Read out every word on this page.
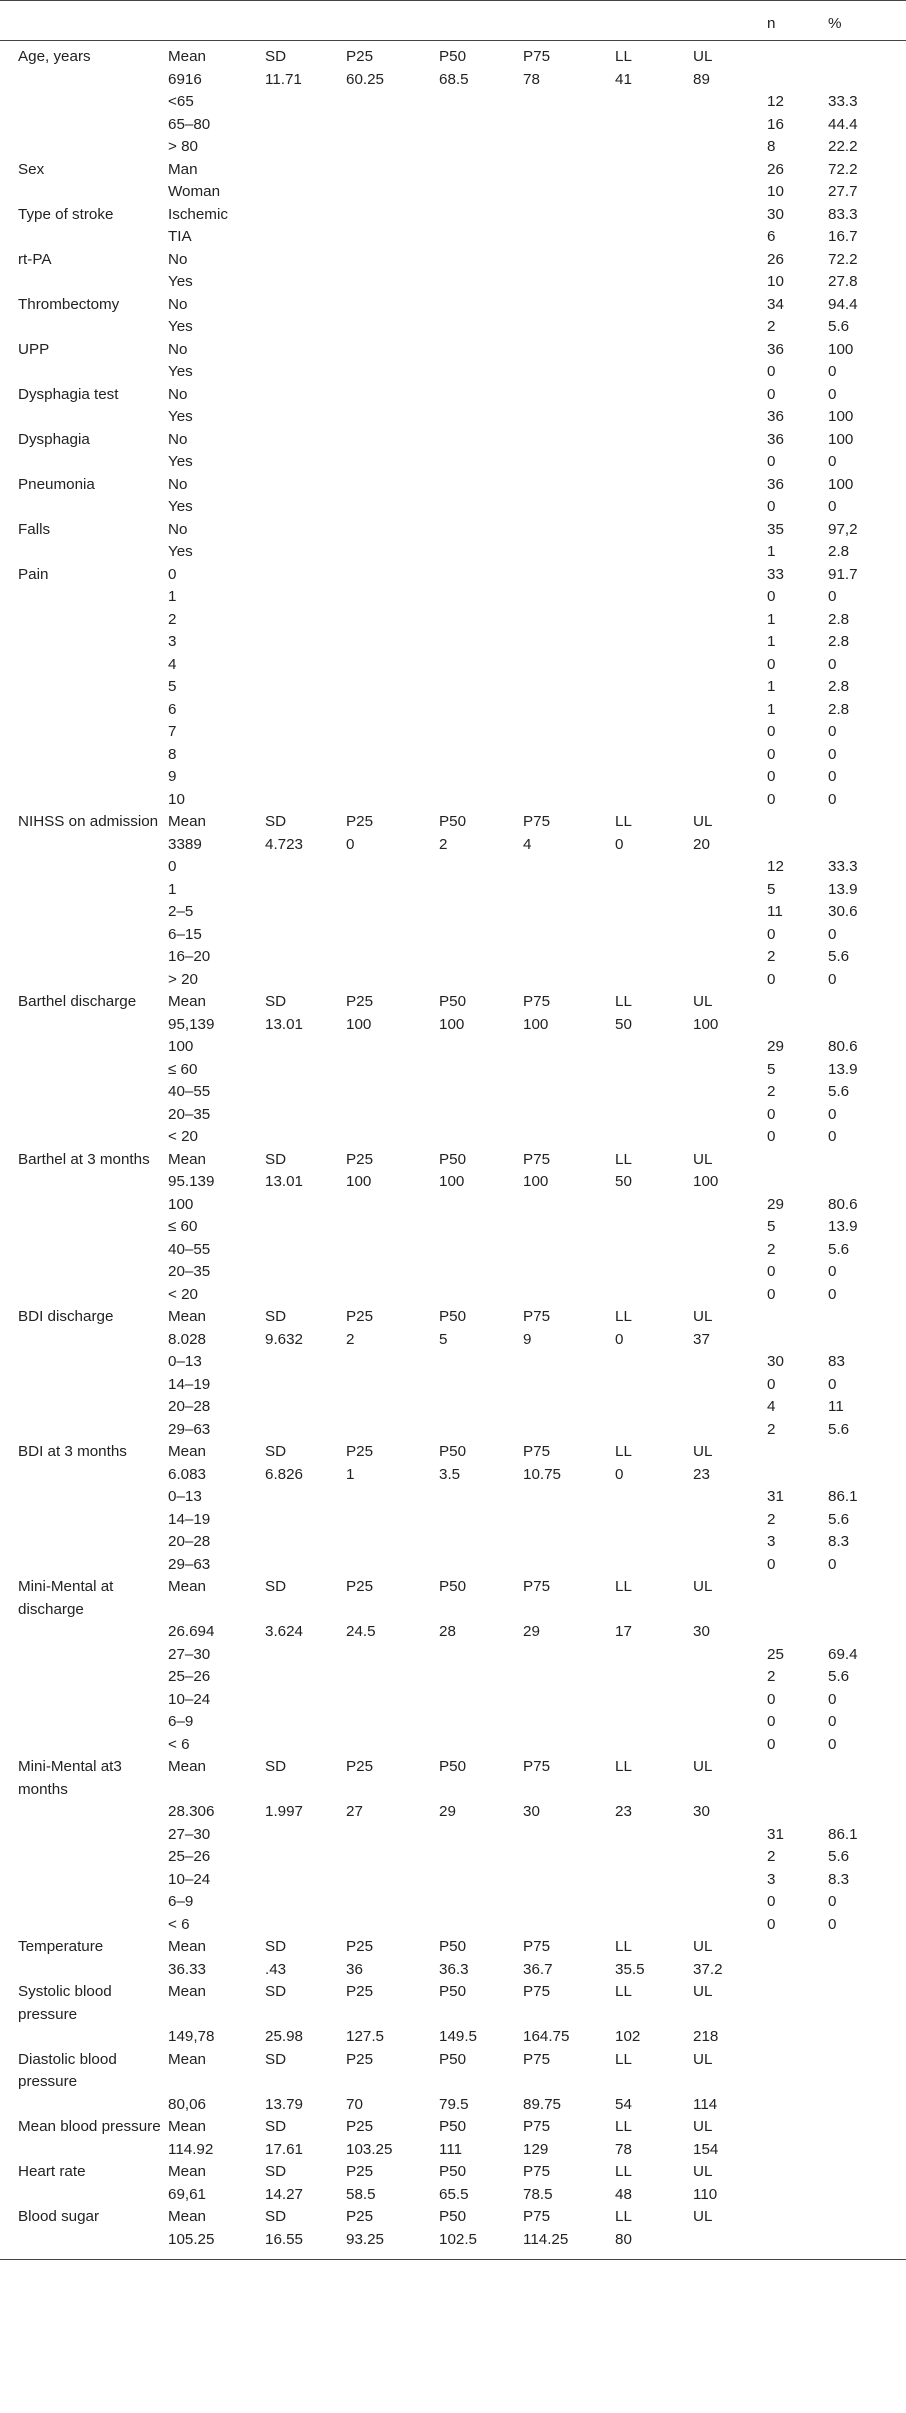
								n	%
Age, years	Mean	SD	P25	P50	P75	LL	UL		
	6916	11.71	60.25	68.5	78	41	89		
	<65							12	33.3
	65–80							16	44.4
	> 80							8	22.2
Sex	Man							26	72.2
	Woman							10	27.7
Type of stroke	Ischemic							30	83.3
	TIA							6	16.7
rt-PA	No							26	72.2
	Yes							10	27.8
Thrombectomy	No							34	94.4
	Yes							2	5.6
UPP	No							36	100
	Yes							0	0
Dysphagia test	No							0	0
	Yes							36	100
Dysphagia	No							36	100
	Yes							0	0
Pneumonia	No							36	100
	Yes							0	0
Falls	No							35	97,2
	Yes							1	2.8
Pain	0							33	91.7
	1							0	0
	2							1	2.8
	3							1	2.8
	4							0	0
	5							1	2.8
	6							1	2.8
	7							0	0
	8							0	0
	9							0	0
	10							0	0
NIHSS on admission	Mean	SD	P25	P50	P75	LL	UL		
	3389	4.723	0	2	4	0	20		
	0							12	33.3
	1							5	13.9
	2–5							11	30.6
	6–15							0	0
	16–20							2	5.6
	> 20							0	0
Barthel discharge	Mean	SD	P25	P50	P75	LL	UL		
	95,139	13.01	100	100	100	50	100		
	100							29	80.6
	≤ 60							5	13.9
	40–55							2	5.6
	20–35							0	0
	< 20							0	0
Barthel at 3 months	Mean	SD	P25	P50	P75	LL	UL		
	95.139	13.01	100	100	100	50	100		
	100							29	80.6
	≤ 60							5	13.9
	40–55							2	5.6
	20–35							0	0
	< 20							0	0
BDI discharge	Mean	SD	P25	P50	P75	LL	UL		
	8.028	9.632	2	5	9	0	37		
	0–13							30	83
	14–19							0	0
	20–28							4	11
	29–63							2	5.6
BDI at 3 months	Mean	SD	P25	P50	P75	LL	UL		
	6.083	6.826	1	3.5	10.75	0	23		
	0–13							31	86.1
	14–19							2	5.6
	20–28							3	8.3
	29–63							0	0
Mini-Mental at discharge	Mean	SD	P25	P50	P75	LL	UL		
	26.694	3.624	24.5	28	29	17	30		
	27–30							25	69.4
	25–26							2	5.6
	10–24							0	0
	6–9							0	0
	< 6							0	0
Mini-Mental at3 months	Mean	SD	P25	P50	P75	LL	UL		
	28.306	1.997	27	29	30	23	30		
	27–30							31	86.1
	25–26							2	5.6
	10–24							3	8.3
	6–9							0	0
	< 6							0	0
Temperature	Mean	SD	P25	P50	P75	LL	UL		
	36.33	.43	36	36.3	36.7	35.5	37.2		
Systolic blood pressure	Mean	SD	P25	P50	P75	LL	UL		
	149,78	25.98	127.5	149.5	164.75	102	218		
Diastolic blood pressure	Mean	SD	P25	P50	P75	LL	UL		
	80,06	13.79	70	79.5	89.75	54	114		
Mean blood pressure	Mean	SD	P25	P50	P75	LL	UL		
	114.92	17.61	103.25	111	129	78	154		
Heart rate	Mean	SD	P25	P50	P75	LL	UL		
	69,61	14.27	58.5	65.5	78.5	48	110		
Blood sugar	Mean	SD	P25	P50	P75	LL	UL		
	105.25	16.55	93.25	102.5	114.25	80			
